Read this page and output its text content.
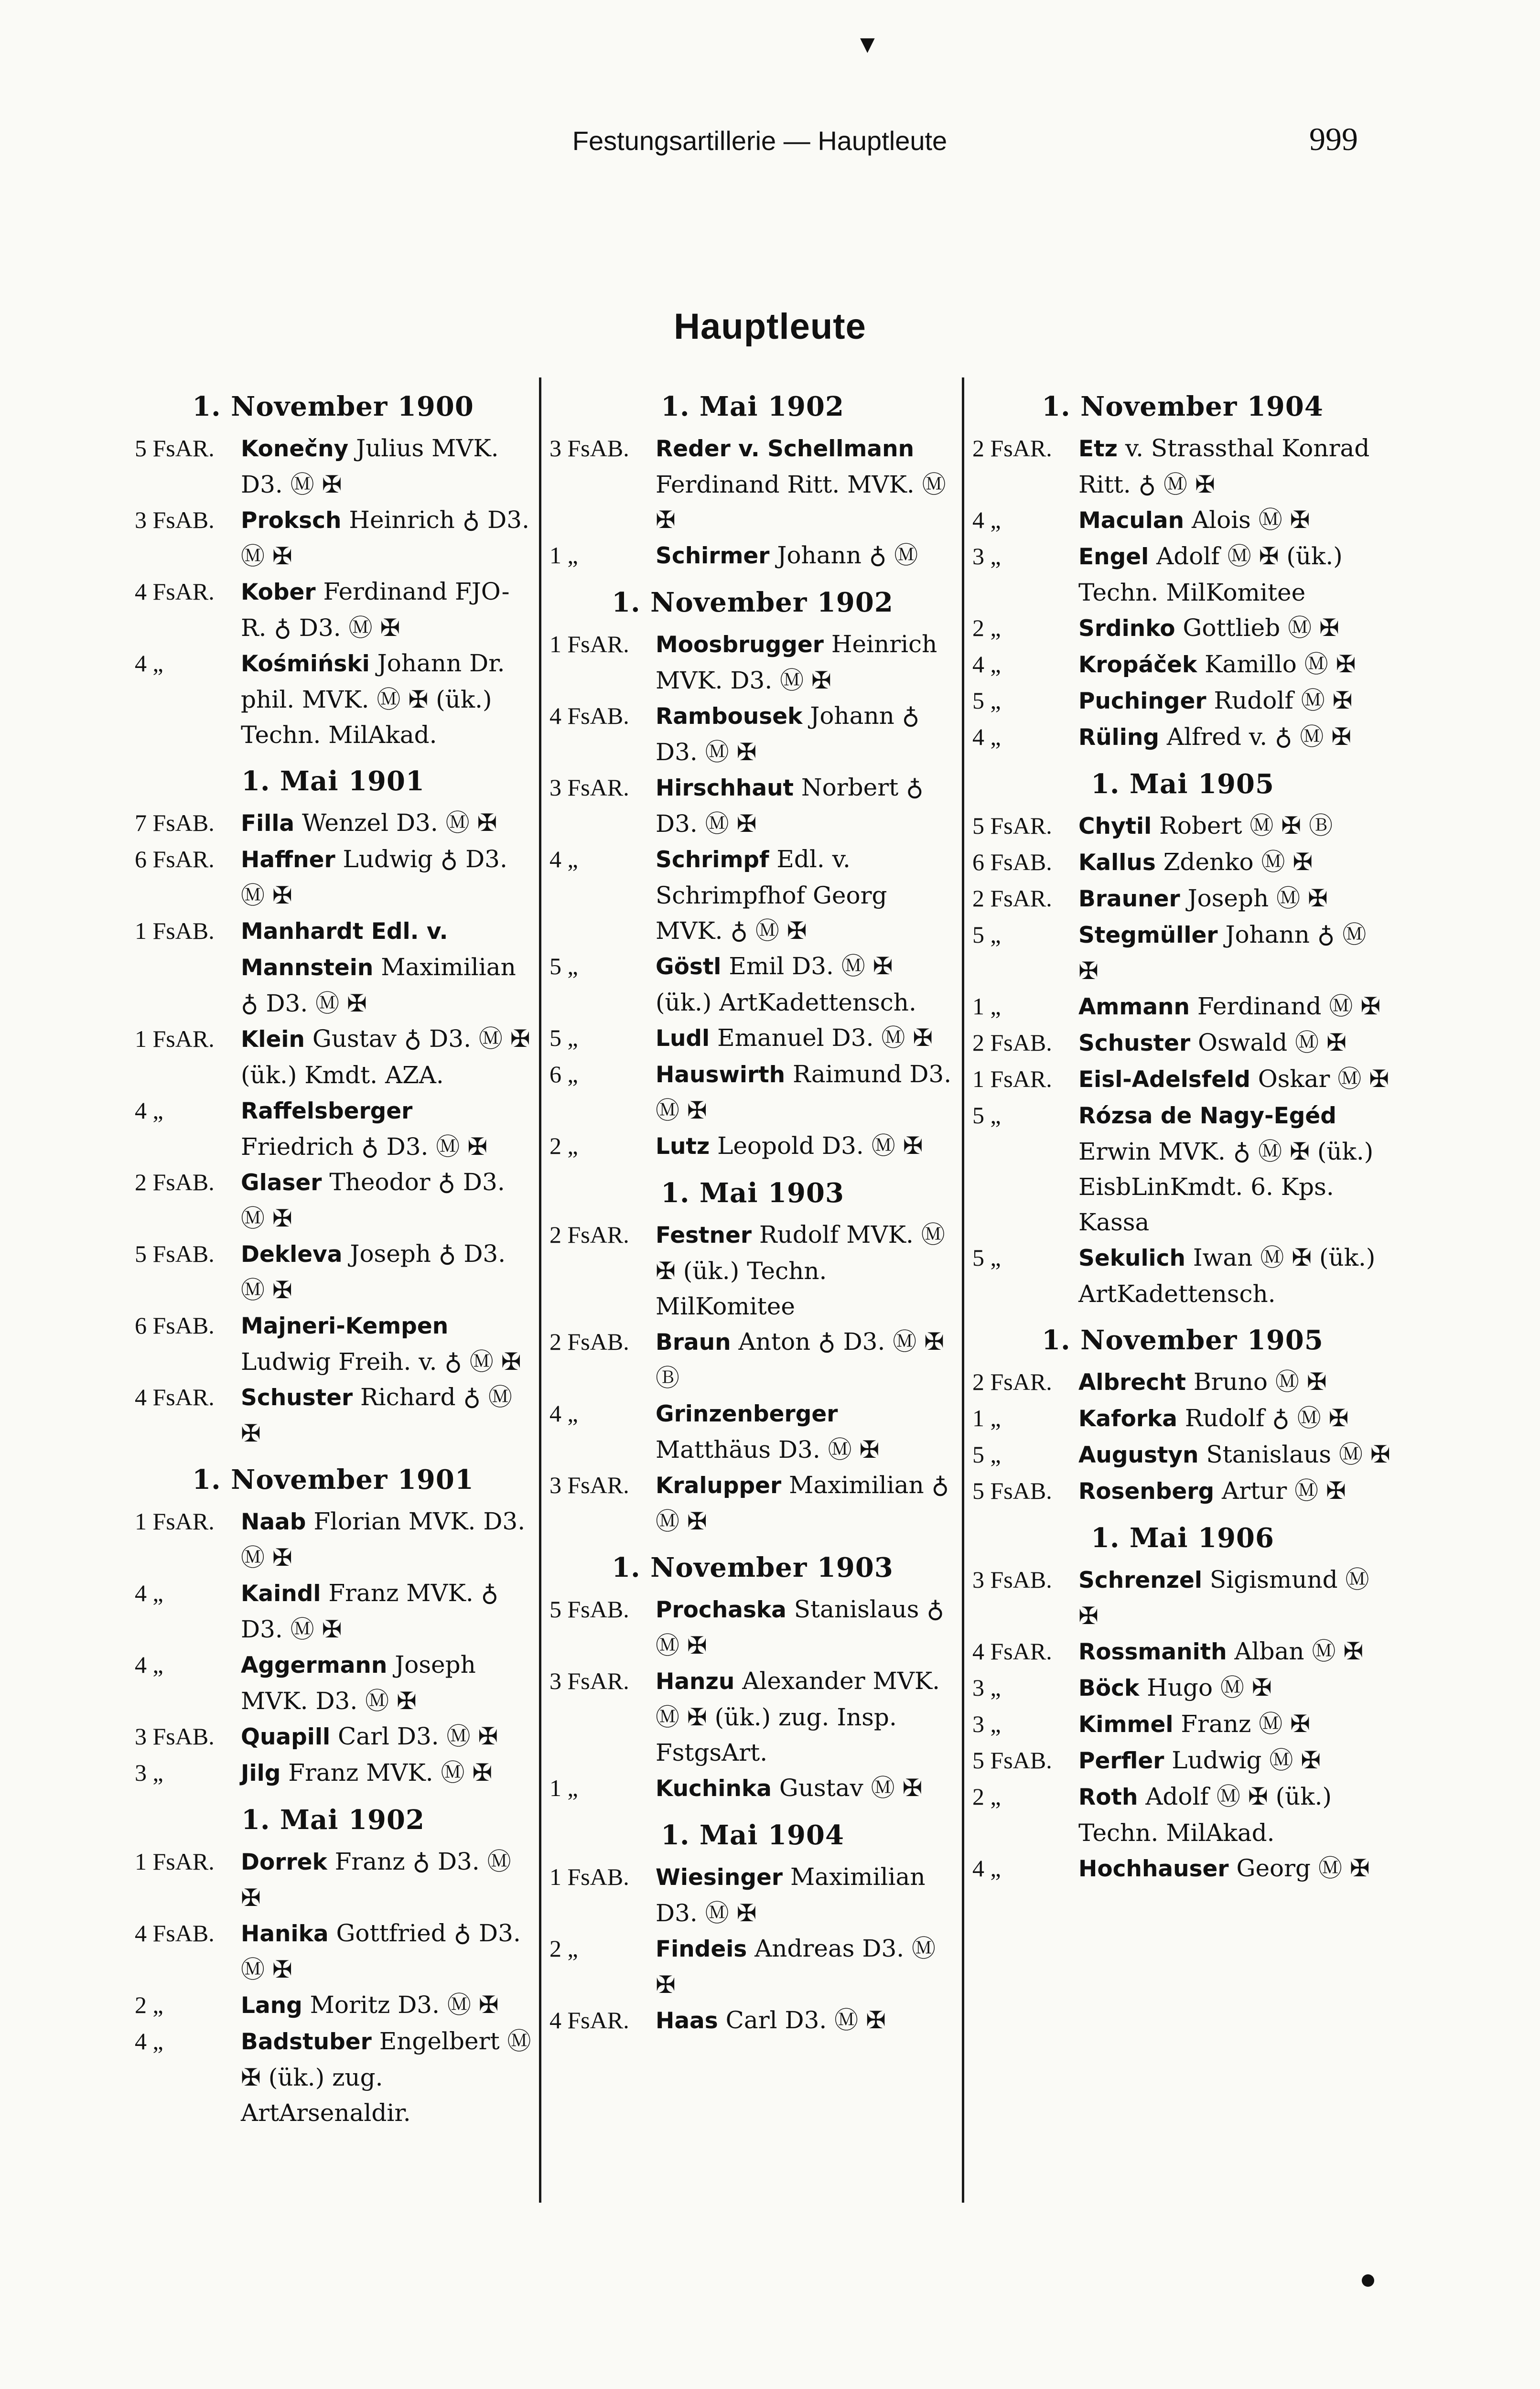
Festungsartillerie — Hauptleute	999
▼
Hauptleute
1. November 1900
5 FsAR.	Konečny Julius MVK. D3. Ⓜ ✠
3 FsAB.	Proksch Heinrich ♁ D3. Ⓜ ✠
4 FsAR.	Kober Ferdinand FJO-R. ♁ D3. Ⓜ ✠
4 „	Kośmiński Johann Dr. phil. MVK. Ⓜ ✠ (ük.) Techn. MilAkad.
1. Mai 1901
7 FsAB.	Filla Wenzel D3. Ⓜ ✠
6 FsAR.	Haffner Ludwig ♁ D3. Ⓜ ✠
1 FsAB.	Manhardt Edl. v. Mannstein Maximilian ♁ D3. Ⓜ ✠
1 FsAR.	Klein Gustav ♁ D3. Ⓜ ✠ (ük.) Kmdt. AZA.
4 „	Raffelsberger Friedrich ♁ D3. Ⓜ ✠
2 FsAB.	Glaser Theodor ♁ D3. Ⓜ ✠
5 FsAB.	Dekleva Joseph ♁ D3. Ⓜ ✠
6 FsAB.	Majneri-Kempen Ludwig Freih. v. ♁ Ⓜ ✠
4 FsAR.	Schuster Richard ♁ Ⓜ ✠
1. November 1901
1 FsAR.	Naab Florian MVK. D3. Ⓜ ✠
4 „	Kaindl Franz MVK. ♁ D3. Ⓜ ✠
4 „	Aggermann Joseph MVK. D3. Ⓜ ✠
3 FsAB.	Quapill Carl D3. Ⓜ ✠
3 „	Jilg Franz MVK. Ⓜ ✠
1. Mai 1902
1 FsAR.	Dorrek Franz ♁ D3. Ⓜ ✠
4 FsAB.	Hanika Gottfried ♁ D3. Ⓜ ✠
2 „	Lang Moritz D3. Ⓜ ✠
4 „	Badstuber Engelbert Ⓜ ✠ (ük.) zug. ArtArsenaldir.
1. Mai 1902
3 FsAB.	Reder v. Schellmann Ferdinand Ritt. MVK. Ⓜ ✠
1 „	Schirmer Johann ♁ Ⓜ
1. November 1902
1 FsAR.	Moosbrugger Heinrich MVK. D3. Ⓜ ✠
4 FsAB.	Rambousek Johann ♁ D3. Ⓜ ✠
3 FsAR.	Hirschhaut Norbert ♁ D3. Ⓜ ✠
4 „	Schrimpf Edl. v. Schrimpfhof Georg MVK. ♁ Ⓜ ✠
5 „	Göstl Emil D3. Ⓜ ✠ (ük.) ArtKadettensch.
5 „	Ludl Emanuel D3. Ⓜ ✠
6 „	Hauswirth Raimund D3. Ⓜ ✠
2 „	Lutz Leopold D3. Ⓜ ✠
1. Mai 1903
2 FsAR.	Festner Rudolf MVK. Ⓜ ✠ (ük.) Techn. MilKomitee
2 FsAB.	Braun Anton ♁ D3. Ⓜ ✠ Ⓑ
4 „	Grinzenberger Matthäus D3. Ⓜ ✠
3 FsAR.	Kralupper Maximilian ♁ Ⓜ ✠
1. November 1903
5 FsAB.	Prochaska Stanislaus ♁ Ⓜ ✠
3 FsAR.	Hanzu Alexander MVK. Ⓜ ✠ (ük.) zug. Insp. FstgsArt.
1 „	Kuchinka Gustav Ⓜ ✠
1. Mai 1904
1 FsAB.	Wiesinger Maximilian D3. Ⓜ ✠
2 „	Findeis Andreas D3. Ⓜ ✠
4 FsAR.	Haas Carl D3. Ⓜ ✠
1. November 1904
2 FsAR.	Etz v. Strassthal Konrad Ritt. ♁ Ⓜ ✠
4 „	Maculan Alois Ⓜ ✠
3 „	Engel Adolf Ⓜ ✠ (ük.) Techn. MilKomitee
2 „	Srdinko Gottlieb Ⓜ ✠
4 „	Kropáček Kamillo Ⓜ ✠
5 „	Puchinger Rudolf Ⓜ ✠
4 „	Rüling Alfred v. ♁ Ⓜ ✠
1. Mai 1905
5 FsAR.	Chytil Robert Ⓜ ✠ Ⓑ
6 FsAB.	Kallus Zdenko Ⓜ ✠
2 FsAR.	Brauner Joseph Ⓜ ✠
5 „	Stegmüller Johann ♁ Ⓜ ✠
1 „	Ammann Ferdinand Ⓜ ✠
2 FsAB.	Schuster Oswald Ⓜ ✠
1 FsAR.	Eisl-Adelsfeld Oskar Ⓜ ✠
5 „	Rózsa de Nagy-Egéd Erwin MVK. ♁ Ⓜ ✠ (ük.) EisbLinKmdt. 6. Kps. Kassa
5 „	Sekulich Iwan Ⓜ ✠ (ük.) ArtKadettensch.
1. November 1905
2 FsAR.	Albrecht Bruno Ⓜ ✠
1 „	Kaforka Rudolf ♁ Ⓜ ✠
5 „	Augustyn Stanislaus Ⓜ ✠
5 FsAB.	Rosenberg Artur Ⓜ ✠
1. Mai 1906
3 FsAB.	Schrenzel Sigismund Ⓜ ✠
4 FsAR.	Rossmanith Alban Ⓜ ✠
3 „	Böck Hugo Ⓜ ✠
3 „	Kimmel Franz Ⓜ ✠
5 FsAB.	Perfler Ludwig Ⓜ ✠
2 „	Roth Adolf Ⓜ ✠ (ük.) Techn. MilAkad.
4 „	Hochhauser Georg Ⓜ ✠
